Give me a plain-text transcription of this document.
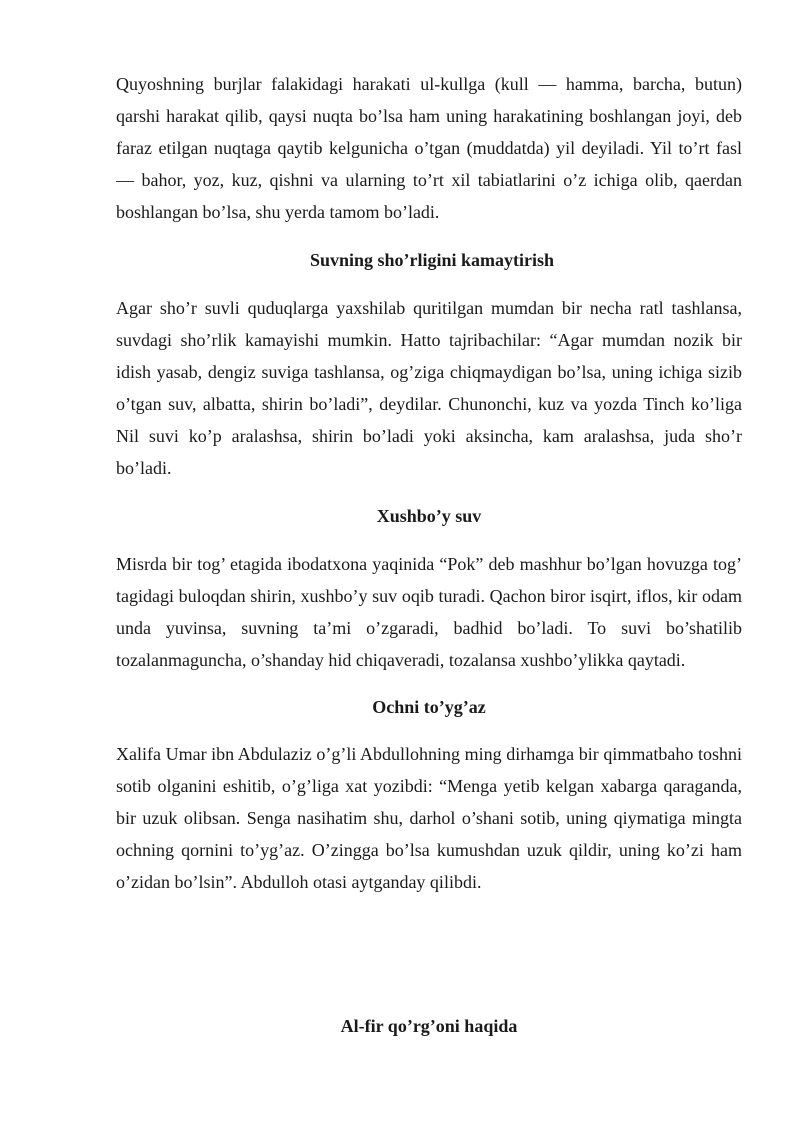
Quyoshning burjlar falakidagi harakati ul-kullga (kull — hamma, barcha, butun) qarshi harakat qilib, qaysi nuqta bo’lsa ham uning harakatining boshlangan joyi, deb faraz etilgan nuqtaga qaytib kelgunicha o’tgan (muddatda) yil deyiladi. Yil to’rt fasl — bahor, yoz, kuz, qishni va ularning to’rt xil tabiatlarini o’z ichiga olib, qaerdan boshlangan bo’lsa, shu yerda tamom bo’ladi.

Suvning sho’rligini kamaytirish

Agar sho’r suvli quduqlarga yaxshilab quritilgan mumdan bir necha ratl tashlansa, suvdagi sho’rlik kamayishi mumkin. Hatto tajribachilar: “Agar mumdan nozik bir idish yasab, dengiz suviga tashlansa, og’ziga chiqmaydigan bo’lsa, uning ichiga sizib o’tgan suv, albatta, shirin bo’ladi”, deydilar. Chunonchi, kuz va yozda Tinch ko’liga Nil suvi ko’p aralashsa, shirin bo’ladi yoki aksincha, kam aralashsa, juda sho’r bo’ladi.

Xushbo’y suv

Misrda bir tog’ etagida ibodatxona yaqinida “Pok” deb mashhur bo’lgan hovuzga tog’ tagidagi buloqdan shirin, xushbo’y suv oqib turadi. Qachon biror isqirt, iflos, kir odam unda yuvinsa, suvning ta’mi o’zgaradi, badhid bo’ladi. To suvi bo’shatilib tozalanmaguncha, o’shanday hid chiqaveradi, tozalansa xushbo’ylikka qaytadi.

Ochni to’yg’az

Xalifa Umar ibn Abdulaziz o’g’li Abdullohning ming dirhamga bir qimmatbaho toshni sotib olganini eshitib, o’g’liga xat yozibdi: “Menga yetib kelgan xabarga qaraganda, bir uzuk olibsan. Senga nasihatim shu, darhol o’shani sotib, uning qiymatiga mingta ochning qornini to’yg’az. O’zingga bo’lsa kumushdan uzuk qildir, uning ko’zi ham o’zidan bo’lsin”. Abdulloh otasi aytganday qilibdi.

Al-fir qo’rg’oni haqida
